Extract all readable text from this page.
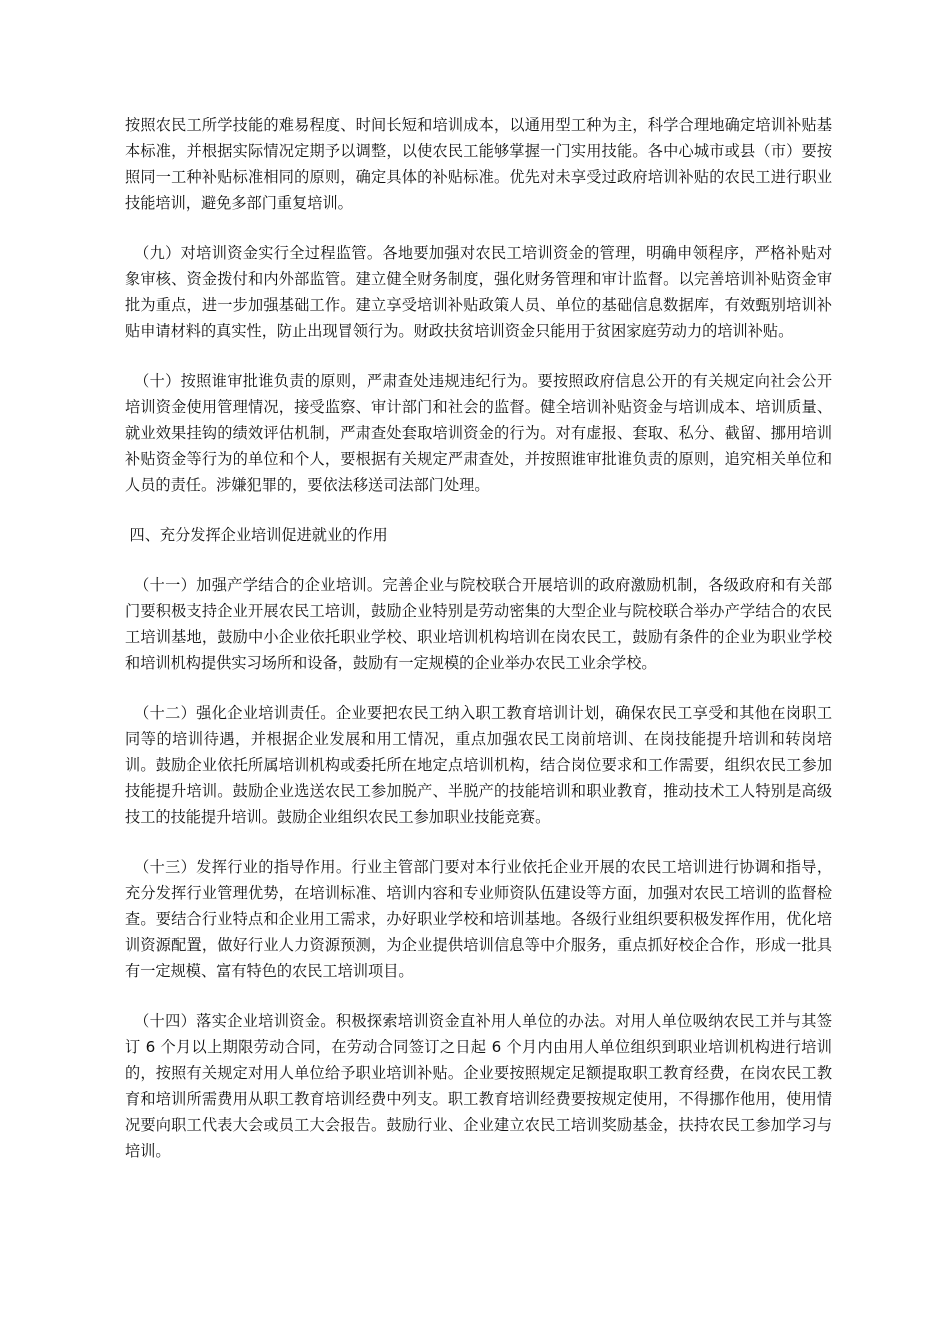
按照农民工所学技能的难易程度、时间长短和培训成本，以通用型工种为主，科学合理地确定培训补贴基本标准，并根据实际情况定期予以调整，以使农民工能够掌握一门实用技能。各中心城市或县（市）要按照同一工种补贴标准相同的原则，确定具体的补贴标准。优先对未享受过政府培训补贴的农民工进行职业技能培训，避免多部门重复培训。

（九）对培训资金实行全过程监管。各地要加强对农民工培训资金的管理，明确申领程序，严格补贴对象审核、资金拨付和内外部监管。建立健全财务制度，强化财务管理和审计监督。以完善培训补贴资金审批为重点，进一步加强基础工作。建立享受培训补贴政策人员、单位的基础信息数据库，有效甄别培训补贴申请材料的真实性，防止出现冒领行为。财政扶贫培训资金只能用于贫困家庭劳动力的培训补贴。

（十）按照谁审批谁负责的原则，严肃查处违规违纪行为。要按照政府信息公开的有关规定向社会公开培训资金使用管理情况，接受监察、审计部门和社会的监督。健全培训补贴资金与培训成本、培训质量、就业效果挂钩的绩效评估机制，严肃查处套取培训资金的行为。对有虚报、套取、私分、截留、挪用培训补贴资金等行为的单位和个人，要根据有关规定严肃查处，并按照谁审批谁负责的原则，追究相关单位和人员的责任。涉嫌犯罪的，要依法移送司法部门处理。

四、充分发挥企业培训促进就业的作用

（十一）加强产学结合的企业培训。完善企业与院校联合开展培训的政府激励机制，各级政府和有关部门要积极支持企业开展农民工培训，鼓励企业特别是劳动密集的大型企业与院校联合举办产学结合的农民工培训基地，鼓励中小企业依托职业学校、职业培训机构培训在岗农民工，鼓励有条件的企业为职业学校和培训机构提供实习场所和设备，鼓励有一定规模的企业举办农民工业余学校。

（十二）强化企业培训责任。企业要把农民工纳入职工教育培训计划，确保农民工享受和其他在岗职工同等的培训待遇，并根据企业发展和用工情况，重点加强农民工岗前培训、在岗技能提升培训和转岗培训。鼓励企业依托所属培训机构或委托所在地定点培训机构，结合岗位要求和工作需要，组织农民工参加技能提升培训。鼓励企业选送农民工参加脱产、半脱产的技能培训和职业教育，推动技术工人特别是高级技工的技能提升培训。鼓励企业组织农民工参加职业技能竞赛。

（十三）发挥行业的指导作用。行业主管部门要对本行业依托企业开展的农民工培训进行协调和指导，充分发挥行业管理优势，在培训标准、培训内容和专业师资队伍建设等方面，加强对农民工培训的监督检查。要结合行业特点和企业用工需求，办好职业学校和培训基地。各级行业组织要积极发挥作用，优化培训资源配置，做好行业人力资源预测，为企业提供培训信息等中介服务，重点抓好校企合作，形成一批具有一定规模、富有特色的农民工培训项目。

（十四）落实企业培训资金。积极探索培训资金直补用人单位的办法。对用人单位吸纳农民工并与其签订 6 个月以上期限劳动合同，在劳动合同签订之日起 6 个月内由用人单位组织到职业培训机构进行培训的，按照有关规定对用人单位给予职业培训补贴。企业要按照规定足额提取职工教育经费，在岗农民工教育和培训所需费用从职工教育培训经费中列支。职工教育培训经费要按规定使用，不得挪作他用，使用情况要向职工代表大会或员工大会报告。鼓励行业、企业建立农民工培训奖励基金，扶持农民工参加学习与培训。
